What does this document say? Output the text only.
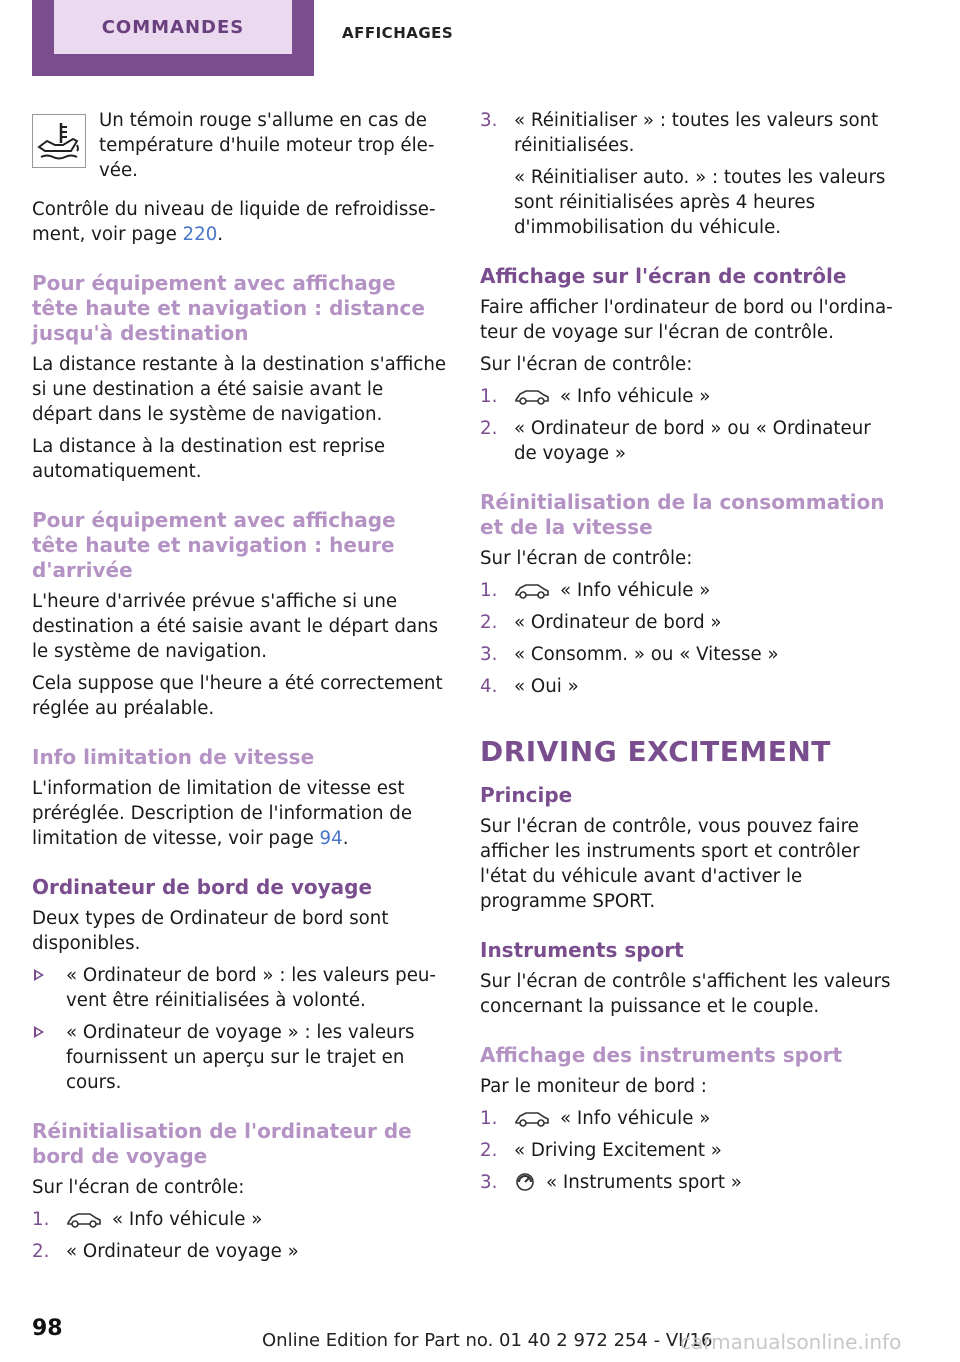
COMMANDES	AFFICHAGES

Un témoin rouge s'allume en cas de température d'huile moteur trop élevée.

Contrôle du niveau de liquide de refroidissement, voir page 220.

Pour équipement avec affichage tête haute et navigation : distance jusqu'à destination

La distance restante à la destination s'affiche si une destination a été saisie avant le départ dans le système de navigation.

La distance à la destination est reprise automatiquement.

Pour équipement avec affichage tête haute et navigation : heure d'arrivée

L'heure d'arrivée prévue s'affiche si une destination a été saisie avant le départ dans le système de navigation.

Cela suppose que l'heure a été correctement réglée au préalable.

Info limitation de vitesse

L'information de limitation de vitesse est préréglée. Description de l'information de limitation de vitesse, voir page 94.

Ordinateur de bord de voyage

Deux types de Ordinateur de bord sont disponibles.

« Ordinateur de bord » : les valeurs peuvent être réinitialisées à volonté.

« Ordinateur de voyage » : les valeurs fournissent un aperçu sur le trajet en cours.

Réinitialisation de l'ordinateur de bord de voyage

Sur l'écran de contrôle:

1.	« Info véhicule »

2. « Ordinateur de voyage »

3. « Réinitialiser » : toutes les valeurs sont réinitialisées.

« Réinitialiser auto. » : toutes les valeurs sont réinitialisées après 4 heures d'immobilisation du véhicule.

Affichage sur l'écran de contrôle

Faire afficher l'ordinateur de bord ou l'ordinateur de voyage sur l'écran de contrôle.

Sur l'écran de contrôle:

1.	« Info véhicule »

2. « Ordinateur de bord » ou « Ordinateur de voyage »

Réinitialisation de la consommation et de la vitesse

Sur l'écran de contrôle:

1.	« Info véhicule »

2. « Ordinateur de bord »

3. « Consomm. » ou « Vitesse »

4. « Oui »

DRIVING EXCITEMENT
Principe

Sur l'écran de contrôle, vous pouvez faire afficher les instruments sport et contrôler l'état du véhicule avant d'activer le programme SPORT.

Instruments sport

Sur l'écran de contrôle s'affichent les valeurs concernant la puissance et le couple.

Affichage des instruments sport

Par le moniteur de bord :

1.	« Info véhicule »

2. « Driving Excitement »

3.	« Instruments sport »

98	Online Edition for Part no. 01 40 2 972 254 - VI/16
carmanualsonline.info
